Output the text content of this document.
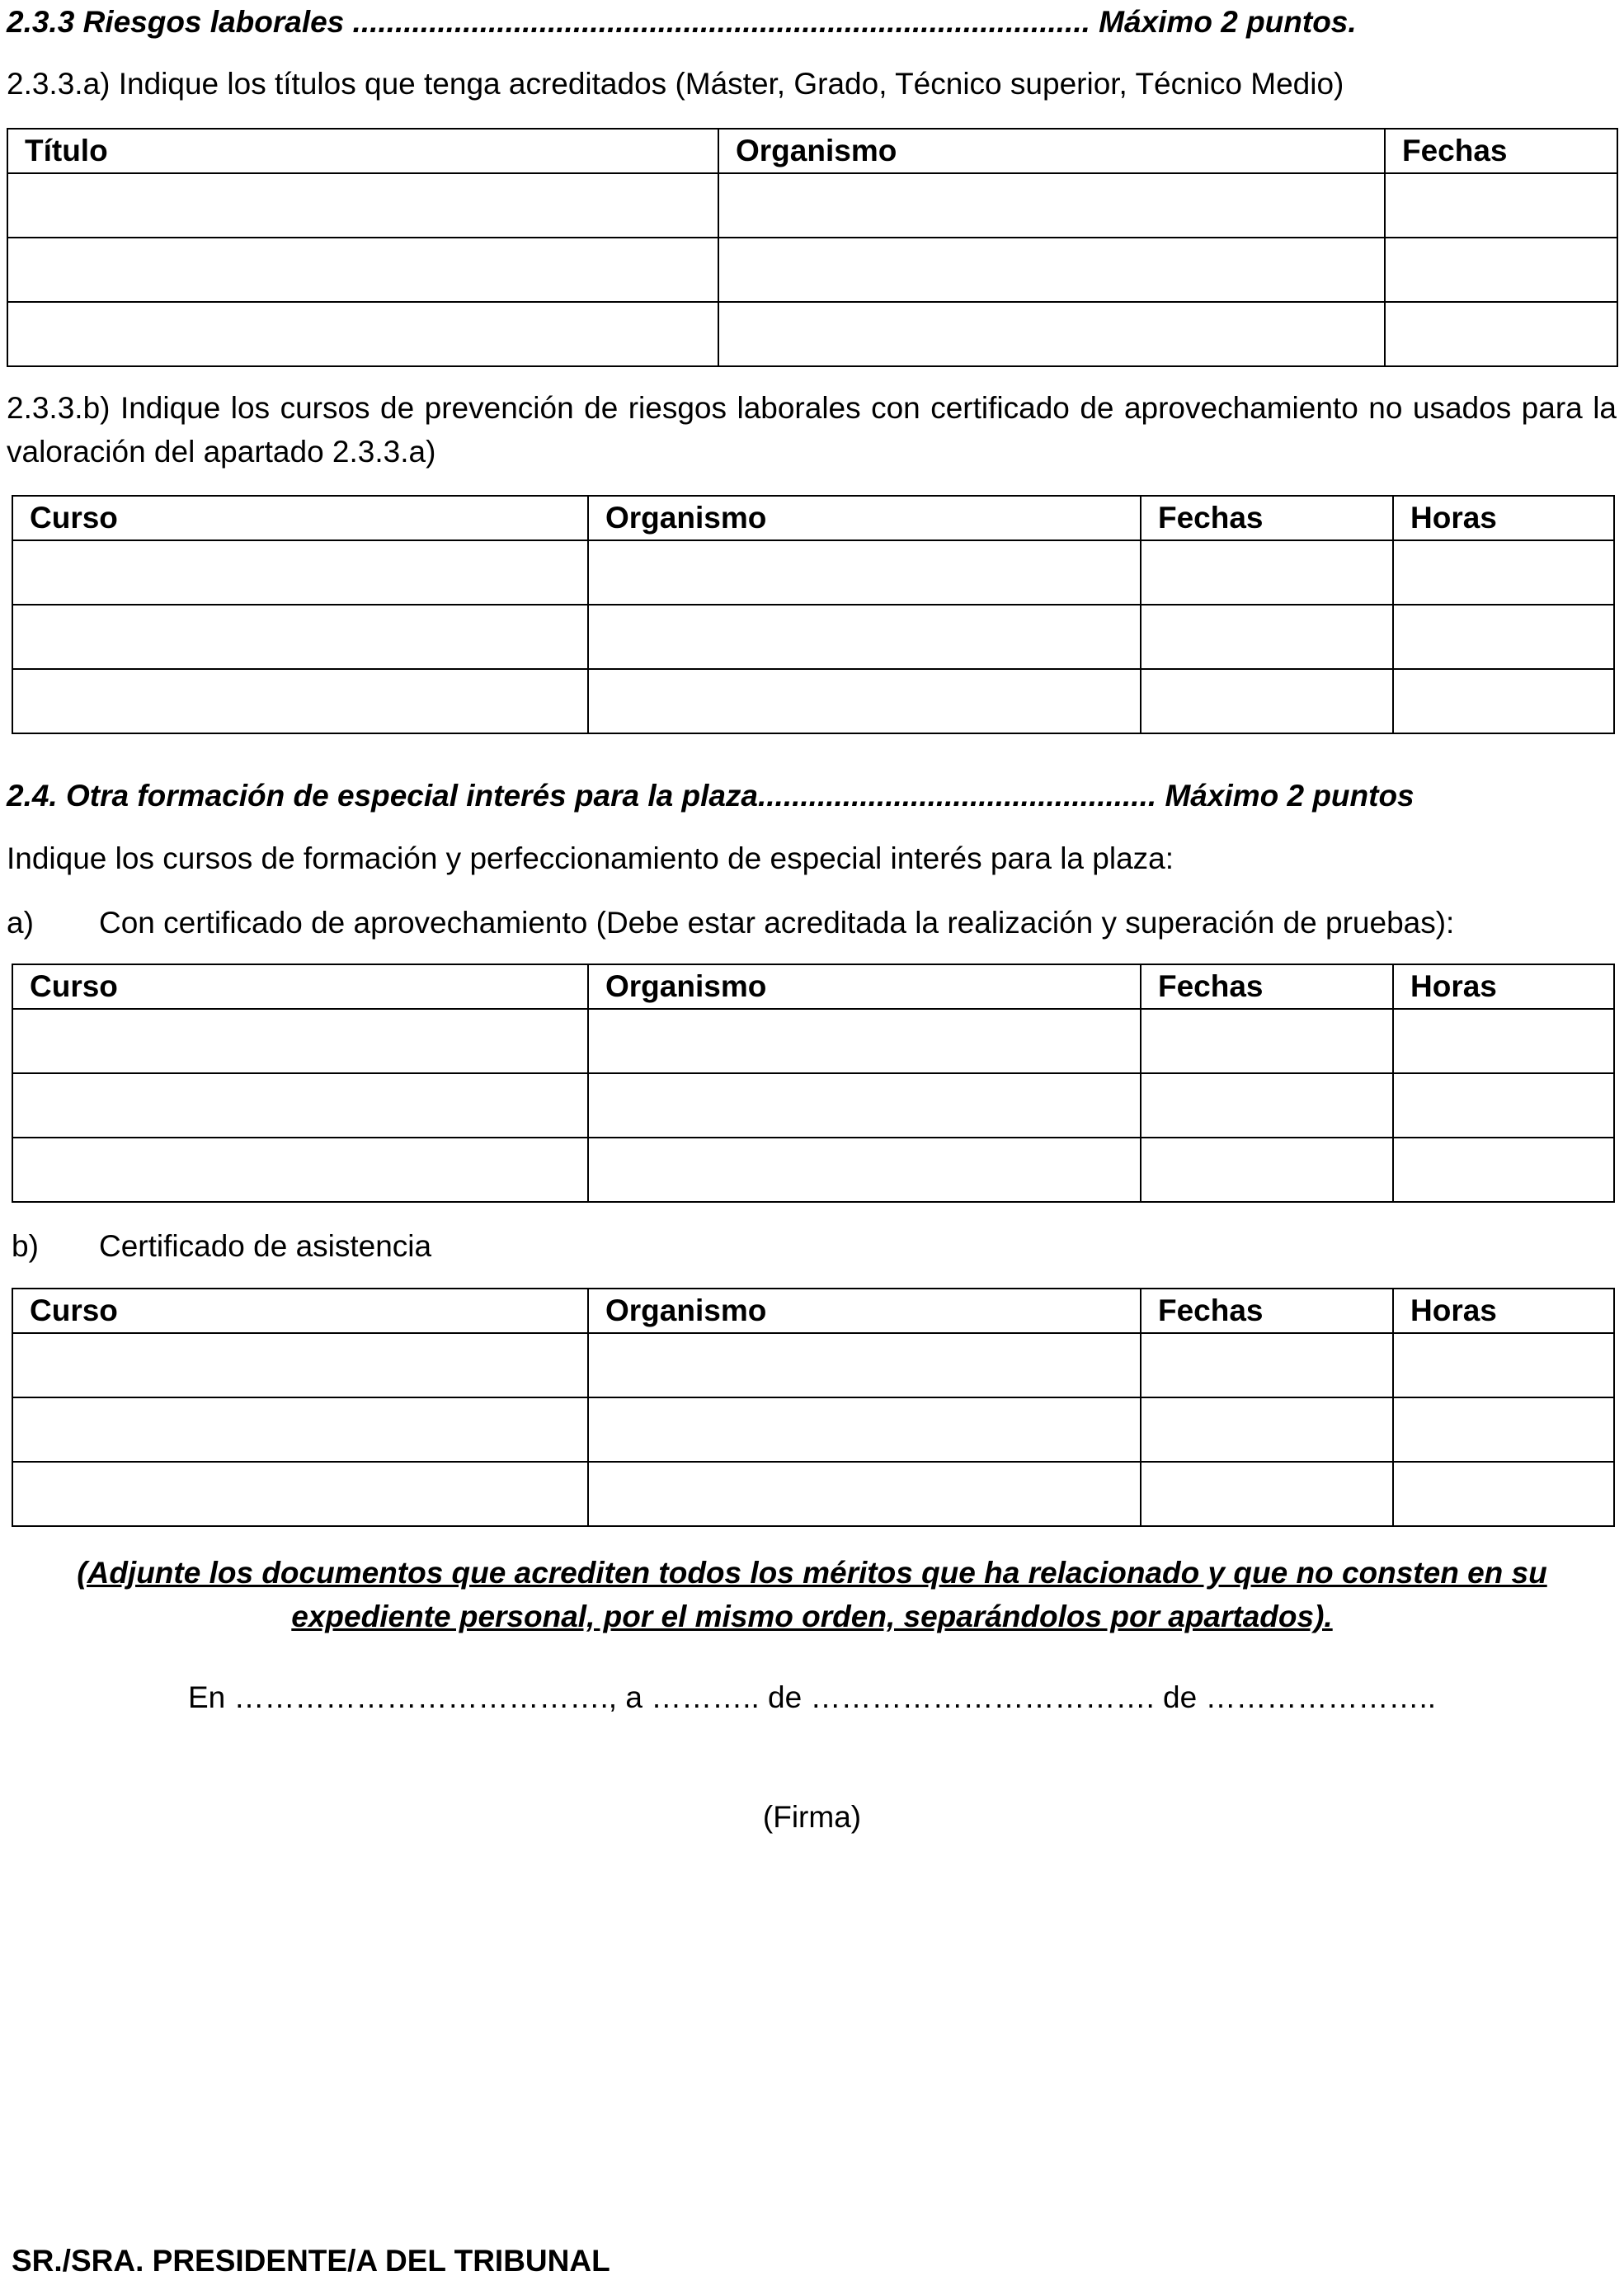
2.3.3 Riesgos laborales ....................................................................................... Máximo 2 puntos.
2.3.3.a) Indique los títulos que tenga acreditados (Máster, Grado, Técnico superior, Técnico Medio)
Título	Organismo	Fechas

2.3.3.b) Indique los cursos de prevención de riesgos laborales con certificado de aprovechamiento no usados para la valoración del apartado 2.3.3.a)
Curso	Organismo	Fechas	Horas

2.4. Otra formación de especial interés para la plaza............................................... Máximo 2 puntos
Indique los cursos de formación y perfeccionamiento de especial interés para la plaza:
a) Con certificado de aprovechamiento (Debe estar acreditada la realización y superación de pruebas):
Curso	Organismo	Fechas	Horas

b) Certificado de asistencia
Curso	Organismo	Fechas	Horas

(Adjunte los documentos que acrediten todos los méritos que ha relacionado y que no consten en su
expediente personal, por el mismo orden, separándolos por apartados).
En ………………………………., a ……….. de ……………………………. de …………………..
(Firma)
SR./SRA. PRESIDENTE/A DEL TRIBUNAL
